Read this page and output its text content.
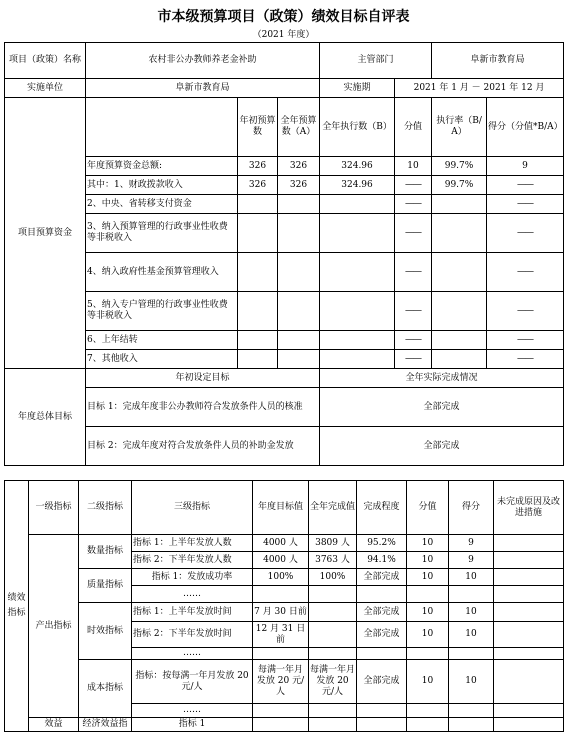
市本级预算项目（政策）绩效目标自评表
（2021 年度）
项目（政策）名称	农村非公办教师养老金补助			主管部门		阜新市教育局	
实施单位	阜新市教育局			实施期	2021 年 1 月 － 2021 年 12 月		
项目预算资金		年初预算数	全年预算数（A）	全年执行数（B）	分值	执行率（B/A）	得分（分值*B/A）
	年度预算资金总额:	326	326	324.96	10	99.7%	9
	其中：1、财政拨款收入	326	326	324.96	——	99.7%	——
	2、中央、省转移支付资金				——		——
	3、纳入预算管理的行政事业性收费等非税收入				——		——
	4、纳入政府性基金预算管理收入				——		——
	5、纳入专户管理的行政事业性收费等非税收入				——		——
	6、上年结转				——		——
	7、其他收入				——		——
年度总体目标	年初设定目标			全年实际完成情况			
	目标 1：完成年度非公办教师符合发放条件人员的核准			全部完成			
	目标 2：完成年度对符合发放条件人员的补助金发放			全部完成			
绩效指标	一级指标	二级指标	三级指标	年度目标值	全年完成值	完成程度	分值	得分	未完成原因及改进措施
	产出指标	数量指标	指标 1：上半年发放人数	4000 人	3809 人	95.2%	10	9	
			指标 2：下半年发放人数	4000 人	3763 人	94.1%	10	9	
		质量指标	指标 1：发放成功率	100%	100%	全部完成	10	10	
			……						
		时效指标	指标 1：上半年发放时间	7 月 30 日前		全部完成	10	10	
			指标 2：下半年发放时间	12 月 31 日前		全部完成	10	10	
			……						
		成本指标	指标：按每满一年月发放 20元/人	每满一年月发放 20 元/人	每满一年月发放 20 元/人	全部完成	10	10	
			……						
	效益	经济效益指	指标 1						
